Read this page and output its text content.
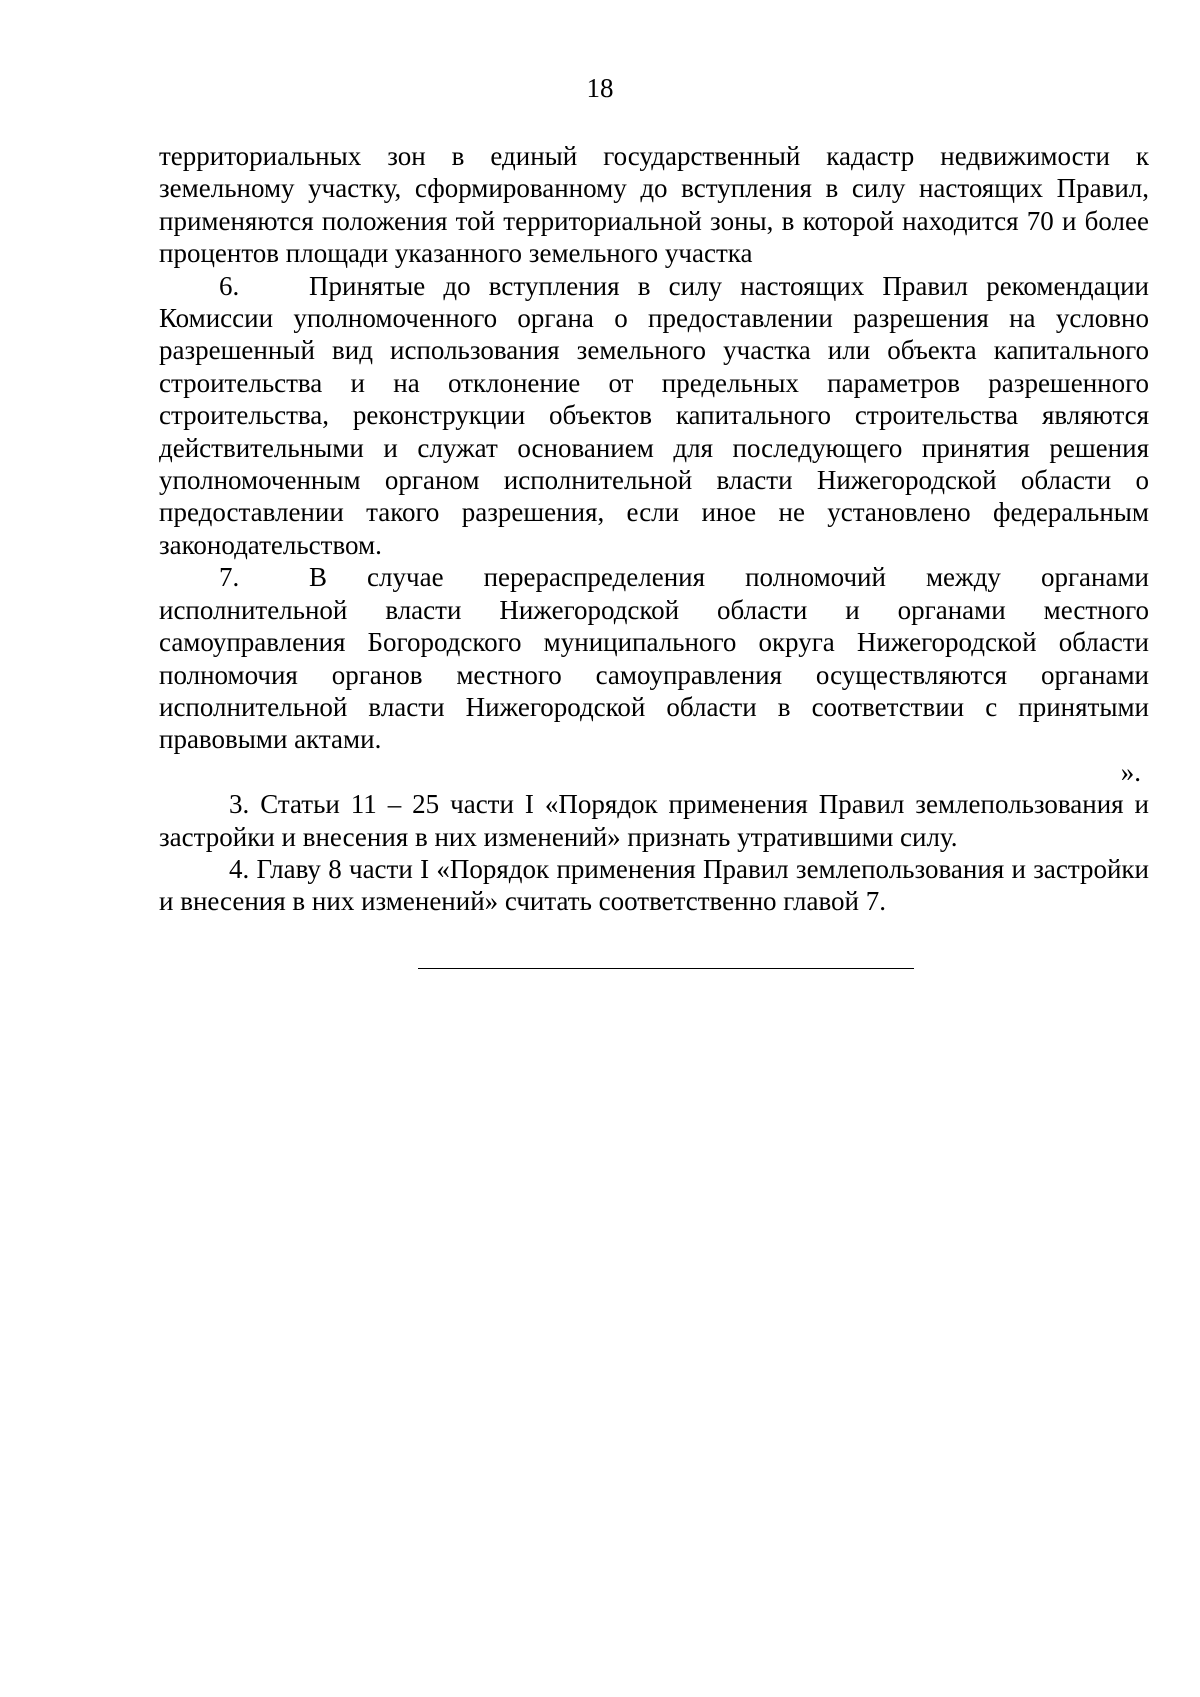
18

территориальных зон в единый государственный кадастр недвижимости к земельному участку, сформированному до вступления в силу настоящих Правил, применяются положения той территориальной зоны, в которой находится 70 и более процентов площади указанного земельного участка

6.	Принятые до вступления в силу настоящих Правил рекомендации Комиссии уполномоченного органа о предоставлении разрешения на условно разрешенный вид использования земельного участка или объекта капитального строительства и на отклонение от предельных параметров разрешенного строительства, реконструкции объектов капитального строительства являются действительными и служат основанием для последующего принятия решения уполномоченным органом исполнительной власти Нижегородской области о предоставлении такого разрешения, если иное не установлено федеральным законодательством.

7.	В случае перераспределения полномочий между органами исполнительной власти Нижегородской области и органами местного самоуправления Богородского муниципального округа Нижегородской области полномочия органов местного самоуправления осуществляются органами исполнительной власти Нижегородской области в соответствии с принятыми правовыми актами.

».

3. Статьи 11 – 25 части I «Порядок применения Правил землепользования и застройки и внесения в них изменений» признать утратившими силу.

4. Главу 8 части I «Порядок применения Правил землепользования и застройки и внесения в них изменений» считать соответственно главой 7.
